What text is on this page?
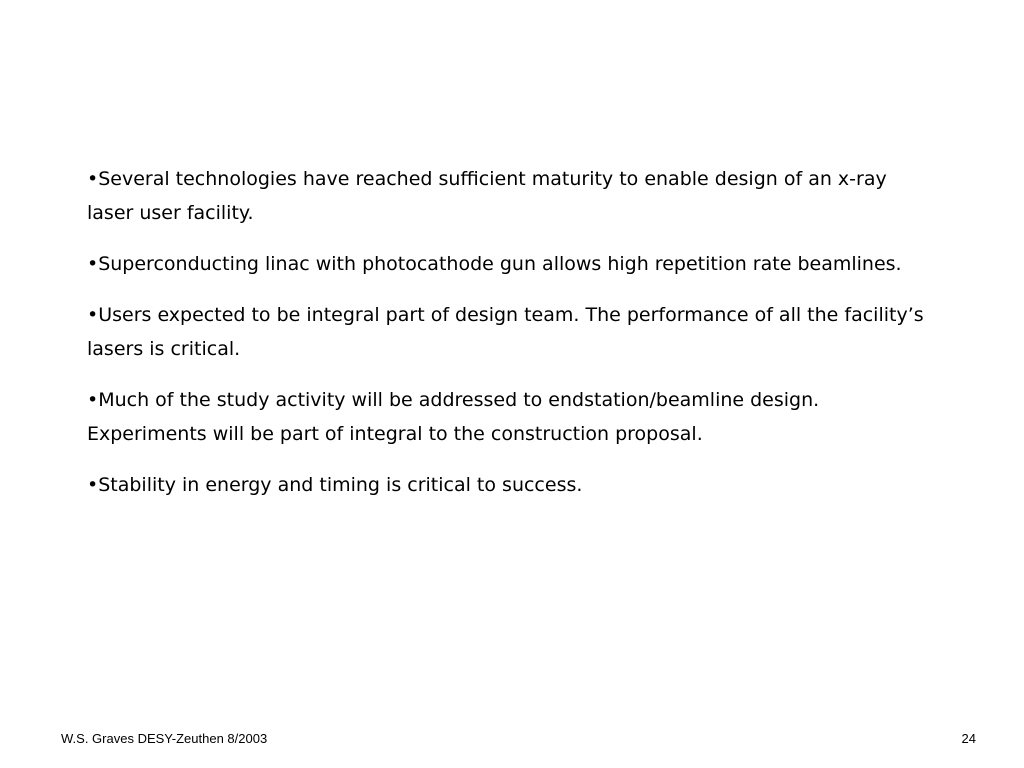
•Several technologies have reached sufficient maturity to enable design of an x-ray laser user facility.
•Superconducting linac with photocathode gun allows high repetition rate beamlines.
•Users expected to be integral part of design team. The performance of all the facility’s lasers is critical.
•Much of the study activity will be addressed to endstation/beamline design. Experiments will be part of integral to the construction proposal.
•Stability in energy and timing is critical to success.
W.S. Graves DESY-Zeuthen 8/2003	24
